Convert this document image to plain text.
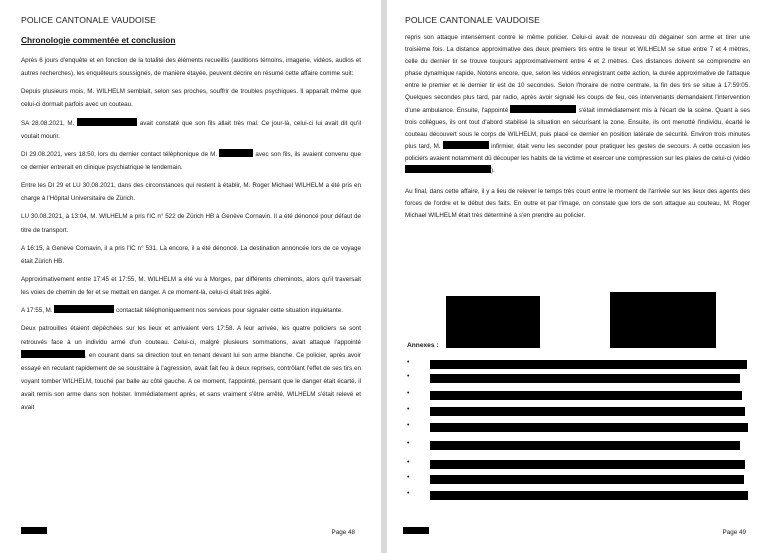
POLICE CANTONALE VAUDOISE
Chronologie commentée et conclusion

Après 6 jours d'enquête et en fonction de la totalité des éléments recueillis (auditions témoins, imagerie, vidéos, audios et autres recherches), les enquêteurs soussignés, de manière étayée, peuvent décrire en résumé cette affaire comme suit:

Depuis plusieurs mois, M. WILHELM semblait, selon ses proches, souffrir de troubles psychiques. Il apparaît même que celui-ci dormait parfois avec un couteau.

SA 28.08.2021, M.	avait constaté que son fils allait très mal. Ce jour-là, celui-ci lui avait dit qu'il voulait mourir.

DI 29.08.2021, vers 18:50, lors du dernier contact téléphonique de M.	avec son fils, ils avaient convenu que ce dernier entrerait en clinique psychiatrique le lendemain.

Entre les DI 29 et LU 30.08.2021, dans des circonstances qui restent à établir, M. Roger Michael WILHELM a été pris en charge à l'Hôpital Universitaire de Zürich.

LU 30.08.2021, à 13:04, M. WILHELM a pris l'IC n° 522 de Zürich HB à Genève Cornavin. Il a été dénoncé pour défaut de titre de transport.

A 16:15, à Genève Cornavin, il a pris l'IC n° 531. Là encore, il a été dénoncé. La destination annoncée lors de ce voyage était Zürich HB.

Approximativement entre 17:45 et 17:55, M. WILHELM a été vu à Morges, par différents cheminots, alors qu'il traversait les voies de chemin de fer et se mettait en danger. A ce moment-là, celui-ci était très agité.

A 17:55, M.	contactait téléphoniquement nos services pour signaler cette situation inquiétante.

Deux patrouilles étaient dépêchées sur les lieux et arrivaient vers 17:58. A leur arrivée, les quatre policiers se sont retrouvés face à un individu armé d'un couteau. Celui-ci, malgré plusieurs sommations, avait attaqué l'appointé , en courant dans sa direction tout en tenant devant lui son arme blanche. Ce policier, après avoir essayé en reculant rapidement de se soustraire à l'agression, avait fait feu à deux reprises, contrôlant l'effet de ses tirs en voyant tomber WILHELM, touché par balle au côté gauche. A ce moment, l'appointé, pensant que le danger était écarté, il avait remis son arme dans son holster. Immédiatement après, et sans vraiment s'être arrêté, WILHELM s'était relevé et avait

Page 48
POLICE CANTONALE VAUDOISE

repris son attaque intensément contre le même policier. Celui-ci avait de nouveau dû dégainer son arme et tirer une troisième fois. La distance approximative des deux premiers tirs entre le tireur et WILHELM se situe entre 7 et 4 mètres, celle du dernier tir se trouve toujours approximativement entre 4 et 2 mètres. Ces distances doivent se comprendre en phase dynamique rapide. Notons encore, que, selon les vidéos enregistrant cette action, la durée approximative de l'attaque entre le premier et le dernier tir est de 10 secondes. Selon l'horaire de notre centrale, la fin des tirs se situe à 17:59:05. Quelques secondes plus tard, par radio, après avoir signalé les coups de feu, ces intervenants demandaient l'intervention d'une ambulance. Ensuite, l'appointé	s'était immédiatement mis à l'écart de la scène. Quant à ses trois collègues, ils ont tout d'abord stabilisé la situation en sécurisant la zone. Ensuite, ils ont menotté l'individu, écarté le couteau découvert sous le corps de WILHELM, puis placé ce dernier en position latérale de sécurité. Environ trois minutes plus tard, M.	infirmier, était venu les seconder pour pratiquer les gestes de secours. A cette occasion les policiers avaient notamment dû découper les habits de la victime et exercer une compression sur les plaies de celui-ci (vidéo ).

Au final, dans cette affaire, il y a lieu de relever le temps très court entre le moment de l'arrivée sur les lieux des agents des forces de l'ordre et le début des faits. En outre et par l'image, on constate que lors de son attaque au couteau, M. Roger Michael WILHELM était très déterminé à s'en prendre au policier.

Annexes :
•
•
•
•
•
•
•
•
•
Page 49
